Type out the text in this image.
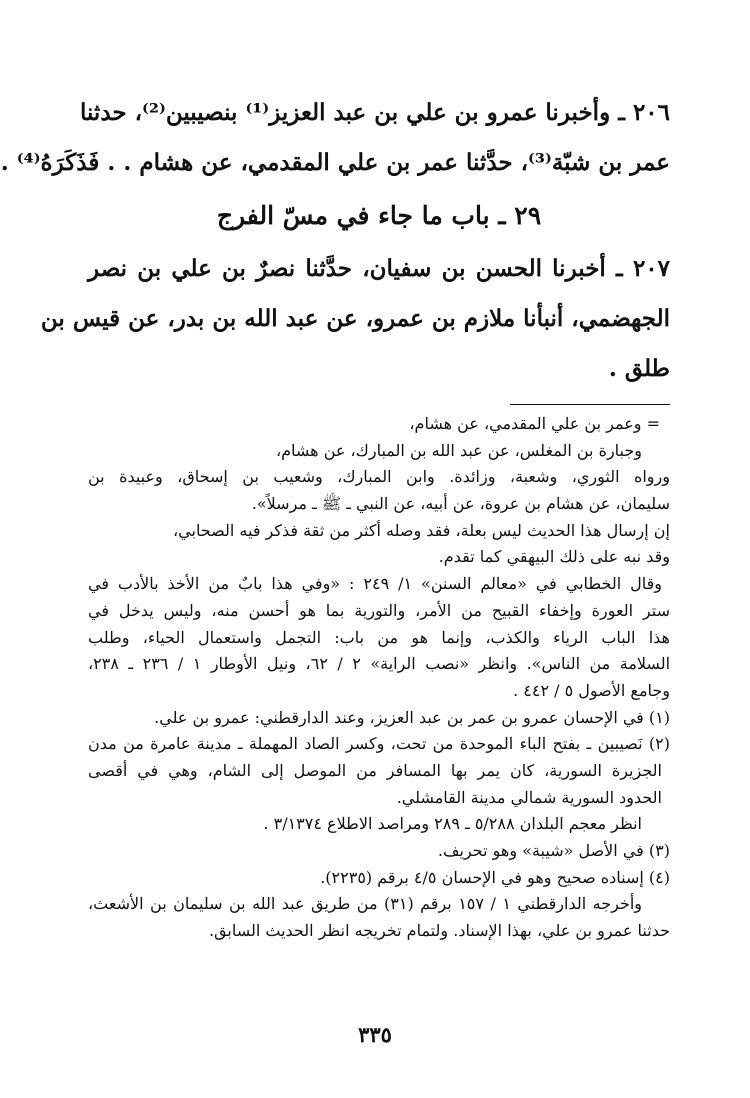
٢٠٦ ـ وأخبرنا عمرو بن علي بن عبد العزيز⁽¹⁾ بنصيبين⁽²⁾، حدثنا
عمر بن شبّة⁽³⁾، حدَّثنا عمر بن علي المقدمي، عن هشام . . فَذَكَرَهُ⁽⁴⁾ .
٢٩ ـ باب ما جاء في مسّ الفرج
٢٠٧ ـ أخبرنا الحسن بن سفيان، حدَّثنا نصرٌ بن علي بن نصر
الجهضمي، أنبأنا ملازم بن عمرو، عن عبد الله بن بدر، عن قيس بن
طلق .
= وعمر بن علي المقدمي، عن هشام،
وجبارة بن المغلس، عن عبد الله بن المبارك، عن هشام،
ورواه الثوري، وشعبة، وزائدة. وابن المبارك، وشعيب بن إسحاق، وعبيدة بن
سليمان، عن هشام بن عروة، عن أبيه، عن النبي ـ ﷺ ـ مرسلاً».
إن إرسال هذا الحديث ليس بعلة، فقد وصله أكثر من ثقة فذكر فيه الصحابي،
وقد نبه على ذلك البيهقي كما تقدم.
وقال الخطابي في «معالم السنن» ١/ ٢٤٩ : «وفي هذا بابٌ من الأخذ بالأدب في
ستر العورة وإخفاء القبيح من الأمر، والتورية بما هو أحسن منه، وليس يدخل في
هذا الباب الرياء والكذب، وإنما هو من باب: التجمل واستعمال الحياء، وطلب
السلامة من الناس». وانظر «نصب الراية» ٢ / ٦٢، ونيل الأوطار ١ / ٢٣٦ ـ ٢٣٨،
وجامع الأصول ٥ / ٤٤٢ .
(١) في الإحسان عمرو بن عمر بن عبد العزيز، وعند الدارقطني: عمرو بن علي.
(٢) نَصيبين ـ بفتح الباء الموحدة من تحت، وكسر الصاد المهملة ـ مدينة عامرة من مدن
الجزيرة السورية، كان يمر بها المسافر من الموصل إلى الشام، وهي في أقصى
الحدود السورية شمالي مدينة القامشلي.
انظر معجم البلدان ٥/٢٨٨ ـ ٢٨٩ ومراصد الاطلاع ٣/١٣٧٤ .
(٣) في الأصل «شيبة» وهو تحريف.
(٤) إسناده صحيح وهو في الإحسان ٤/٥ برقم (٢٢٣٥).
وأخرجه الدارقطني ١ / ١٥٧ برقم (٣١) من طريق عبد الله بن سليمان بن الأشعث،
حدثنا عمرو بن علي، بهذا الإسناد. ولتمام تخريجه انظر الحديث السابق.
٣٣٥
